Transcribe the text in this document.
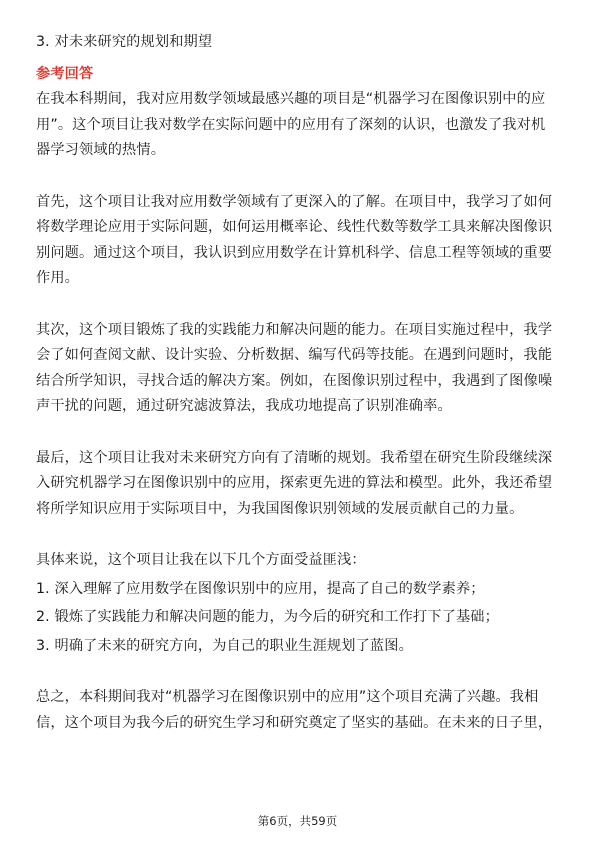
3. 对未来研究的规划和期望

参考回答

在我本科期间，我对应用数学领域最感兴趣的项目是“机器学习在图像识别中的应用”。这个项目让我对数学在实际问题中的应用有了深刻的认识，也激发了我对机器学习领域的热情。

首先，这个项目让我对应用数学领域有了更深入的了解。在项目中，我学习了如何将数学理论应用于实际问题，如何运用概率论、线性代数等数学工具来解决图像识别问题。通过这个项目，我认识到应用数学在计算机科学、信息工程等领域的重要作用。

其次，这个项目锻炼了我的实践能力和解决问题的能力。在项目实施过程中，我学会了如何查阅文献、设计实验、分析数据、编写代码等技能。在遇到问题时，我能结合所学知识，寻找合适的解决方案。例如，在图像识别过程中，我遇到了图像噪声干扰的问题，通过研究滤波算法，我成功地提高了识别准确率。

最后，这个项目让我对未来研究方向有了清晰的规划。我希望在研究生阶段继续深入研究机器学习在图像识别中的应用，探索更先进的算法和模型。此外，我还希望将所学知识应用于实际项目中，为我国图像识别领域的发展贡献自己的力量。

具体来说，这个项目让我在以下几个方面受益匪浅：

1. 深入理解了应用数学在图像识别中的应用，提高了自己的数学素养；

2. 锻炼了实践能力和解决问题的能力，为今后的研究和工作打下了基础；

3. 明确了未来的研究方向，为自己的职业生涯规划了蓝图。

总之，本科期间我对“机器学习在图像识别中的应用”这个项目充满了兴趣。我相信，这个项目为我今后的研究生学习和研究奠定了坚实的基础。在未来的日子里，

第6页，共59页
